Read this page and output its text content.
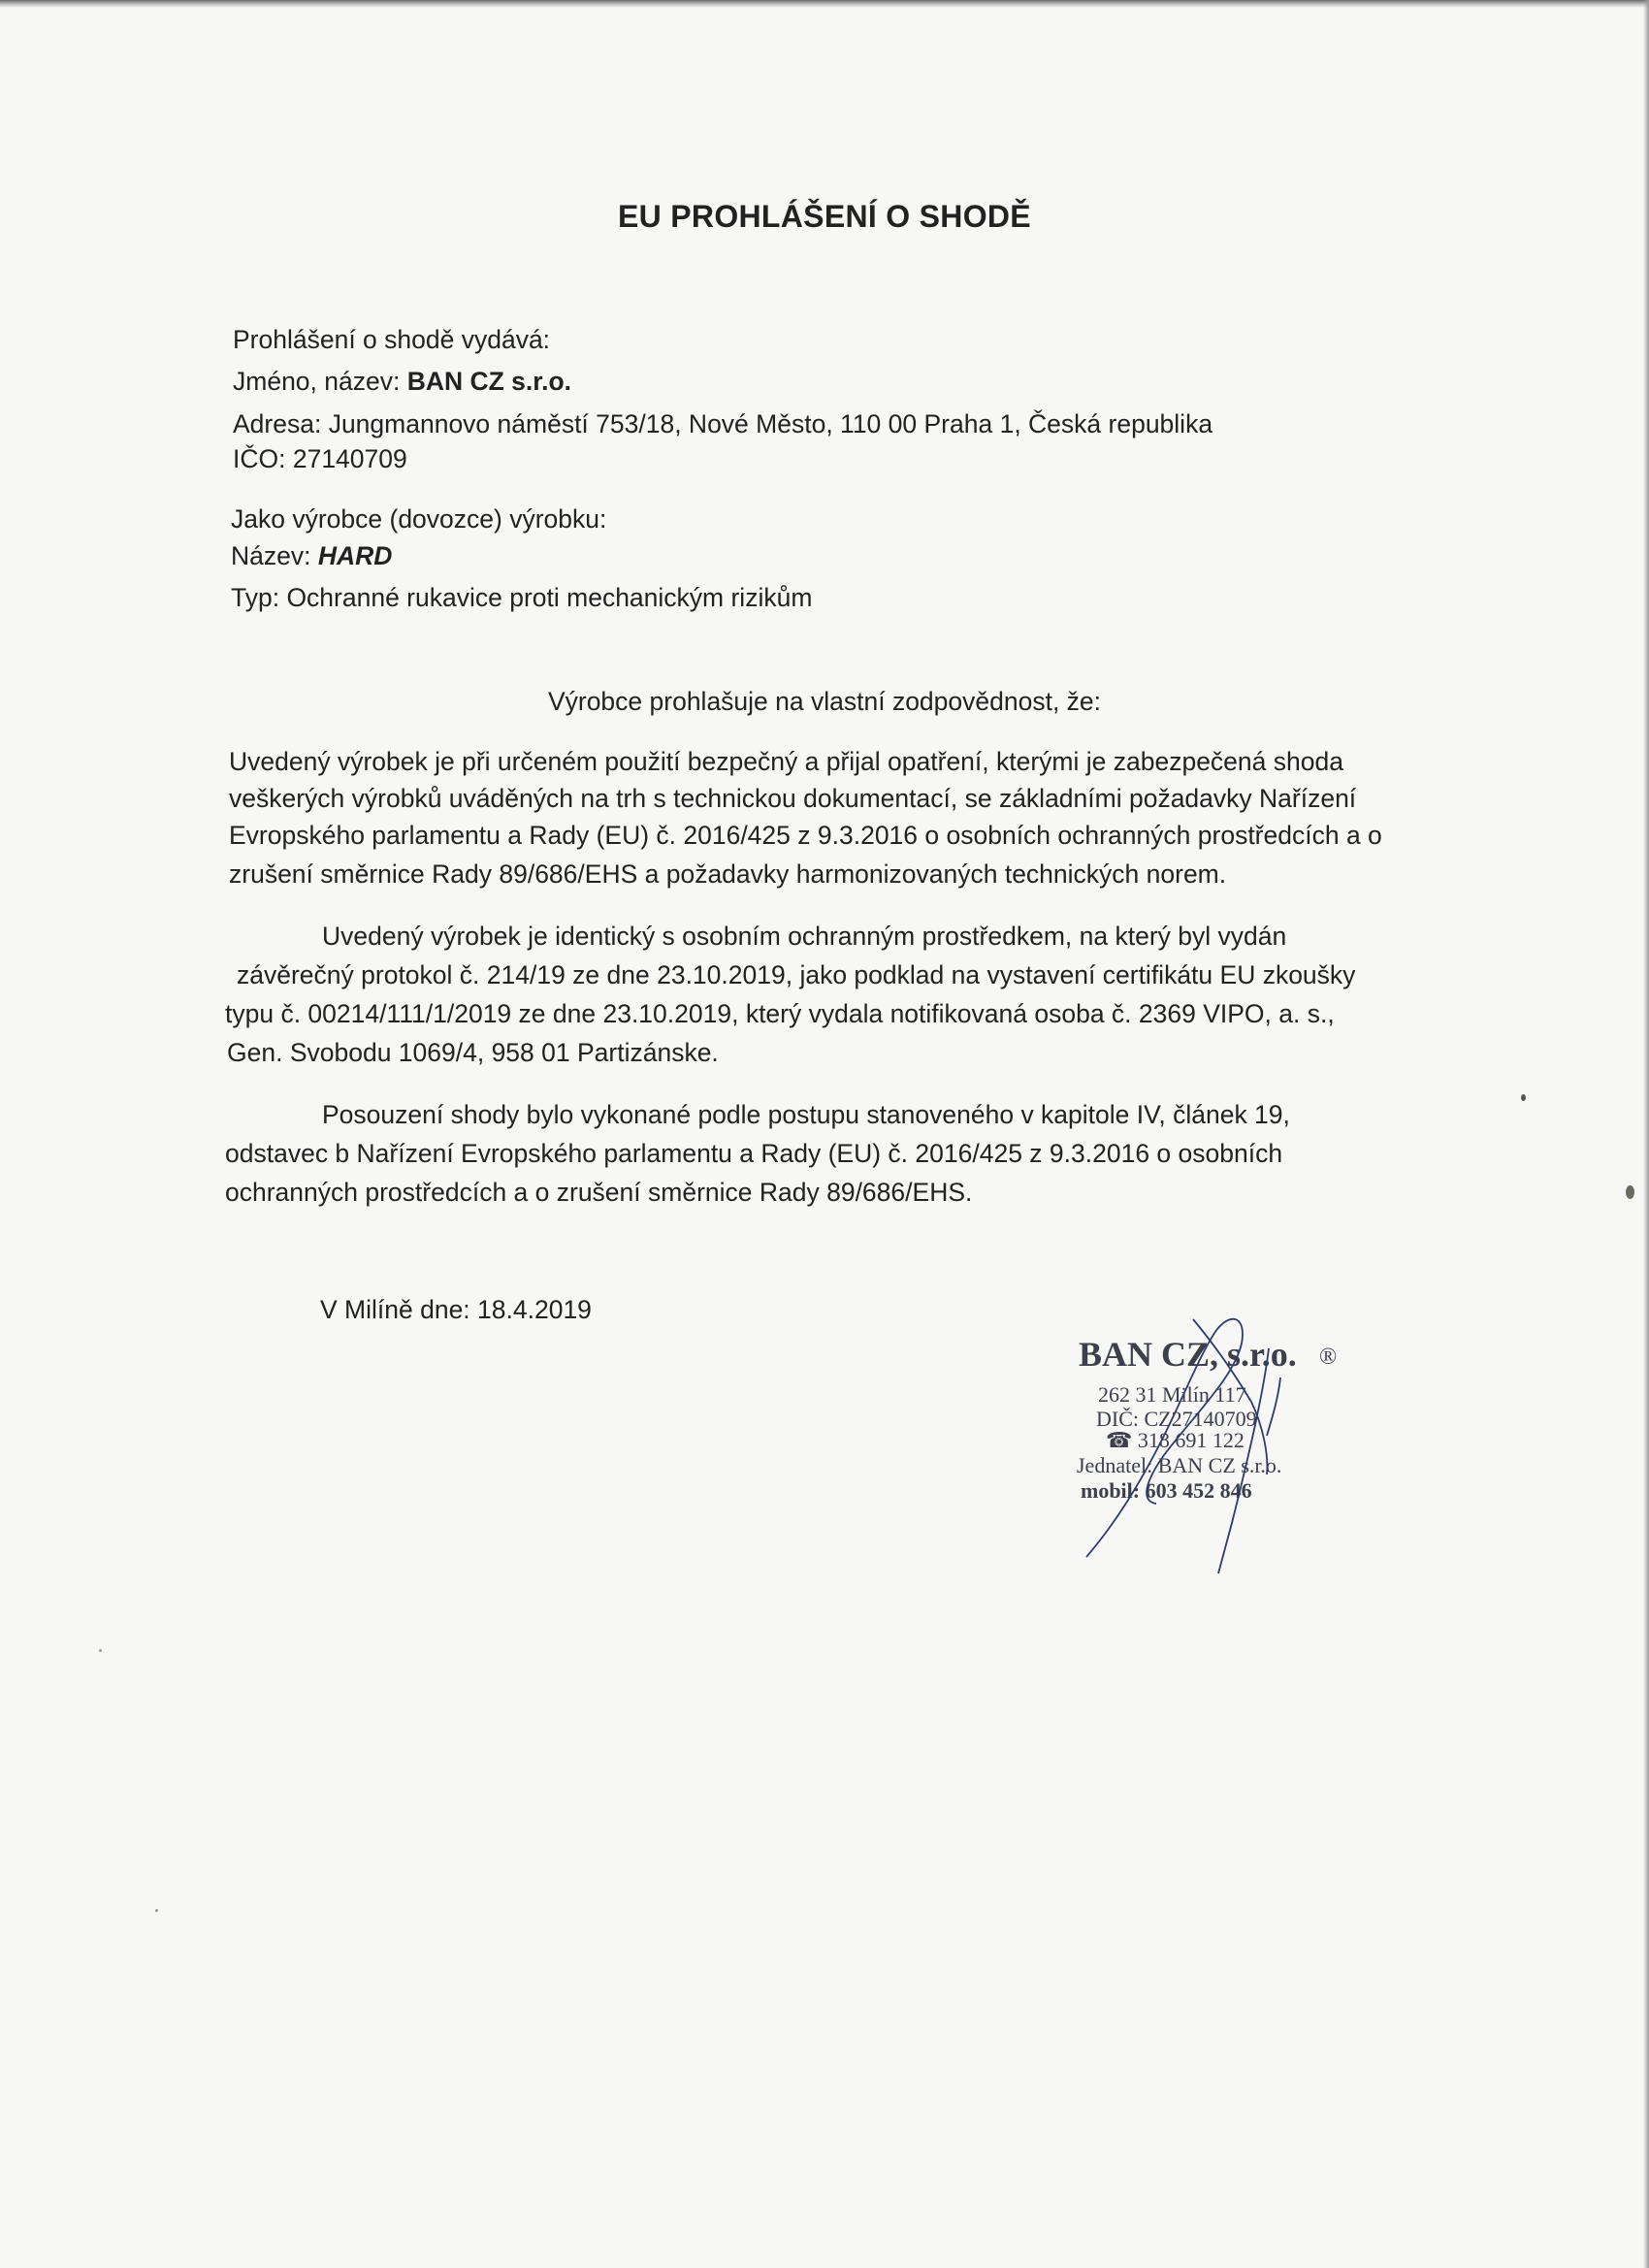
EU PROHLÁŠENÍ O SHODĚ
Prohlášení o shodě vydává:
Jméno, název: BAN CZ s.r.o.
Adresa: Jungmannovo náměstí 753/18, Nové Město, 110 00 Praha 1, Česká republika
IČO: 27140709
Jako výrobce (dovozce) výrobku:
Název: HARD
Typ: Ochranné rukavice proti mechanickým rizikům
Výrobce prohlašuje na vlastní zodpovědnost, že:
Uvedený výrobek je při určeném použití bezpečný a přijal opatření, kterými je zabezpečená shoda
veškerých výrobků uváděných na trh s technickou dokumentací, se základními požadavky Nařízení
Evropského parlamentu a Rady (EU) č. 2016/425 z 9.3.2016 o osobních ochranných prostředcích a o
zrušení směrnice Rady 89/686/EHS a požadavky harmonizovaných technických norem.
Uvedený výrobek je identický s osobním ochranným prostředkem, na který byl vydán
závěrečný protokol č. 214/19 ze dne 23.10.2019, jako podklad na vystavení certifikátu EU zkoušky
typu č. 00214/111/1/2019 ze dne 23.10.2019, který vydala notifikovaná osoba č. 2369 VIPO, a. s.,
Gen. Svobodu 1069/4, 958 01 Partizánske.
Posouzení shody bylo vykonané podle postupu stanoveného v kapitole IV, článek 19,
odstavec b Nařízení Evropského parlamentu a Rady (EU) č. 2016/425 z 9.3.2016 o osobních
ochranných prostředcích a o zrušení směrnice Rady 89/686/EHS.
V Milíně dne: 18.4.2019
BAN CZ, s.r.o. ®
262 31 Milín 117
DIČ: CZ27140709
☎ 318 691 122
Jednatel: BAN CZ s.r.o.
mobil: 603 452 846
